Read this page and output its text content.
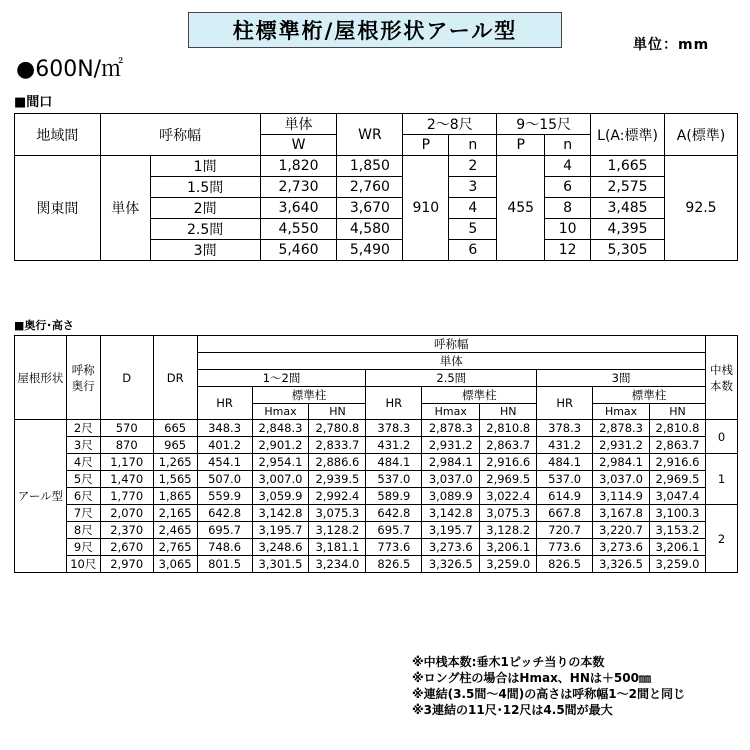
柱標準桁/屋根形状アール型
単位：mm
●600N/㎡
■間口
地域間	呼称幅		単体	WR	2～8尺		9～15尺		L(A:標準)	A(標準)
			W		P	n	P	n		
関東間	単体	1間	1,820	1,850	910	2	455	4	1,665	92.5
		1.5間	2,730	2,760		3		6	2,575	
		2間	3,640	3,670		4		8	3,485	
		2.5間	4,550	4,580		5		10	4,395	
		3間	5,460	5,490		6		12	5,305	
■奥行･高さ
屋根形状	呼称奥行	D	DR	呼称幅									中桟本数
				単体									
				1～2間			2.5間			3間			
				HR	標準柱		HR	標準柱		HR	標準柱		
					Hmax	HN		Hmax	HN		Hmax	HN	
アール型	2尺	570	665	348.3	2,848.3	2,780.8	378.3	2,878.3	2,810.8	378.3	2,878.3	2,810.8	0
	3尺	870	965	401.2	2,901.2	2,833.7	431.2	2,931.2	2,863.7	431.2	2,931.2	2,863.7	
	4尺	1,170	1,265	454.1	2,954.1	2,886.6	484.1	2,984.1	2,916.6	484.1	2,984.1	2,916.6	1
	5尺	1,470	1,565	507.0	3,007.0	2,939.5	537.0	3,037.0	2,969.5	537.0	3,037.0	2,969.5	
	6尺	1,770	1,865	559.9	3,059.9	2,992.4	589.9	3,089.9	3,022.4	614.9	3,114.9	3,047.4	
	7尺	2,070	2,165	642.8	3,142.8	3,075.3	642.8	3,142.8	3,075.3	667.8	3,167.8	3,100.3	2
	8尺	2,370	2,465	695.7	3,195.7	3,128.2	695.7	3,195.7	3,128.2	720.7	3,220.7	3,153.2	
	9尺	2,670	2,765	748.6	3,248.6	3,181.1	773.6	3,273.6	3,206.1	773.6	3,273.6	3,206.1	
	10尺	2,970	3,065	801.5	3,301.5	3,234.0	826.5	3,326.5	3,259.0	826.5	3,326.5	3,259.0	
※中桟本数:垂木1ピッチ当りの本数
※ロング柱の場合はHmax、HNは＋500㎜
※連結(3.5間～4間)の高さは呼称幅1～2間と同じ
※3連結の11尺･12尺は4.5間が最大
